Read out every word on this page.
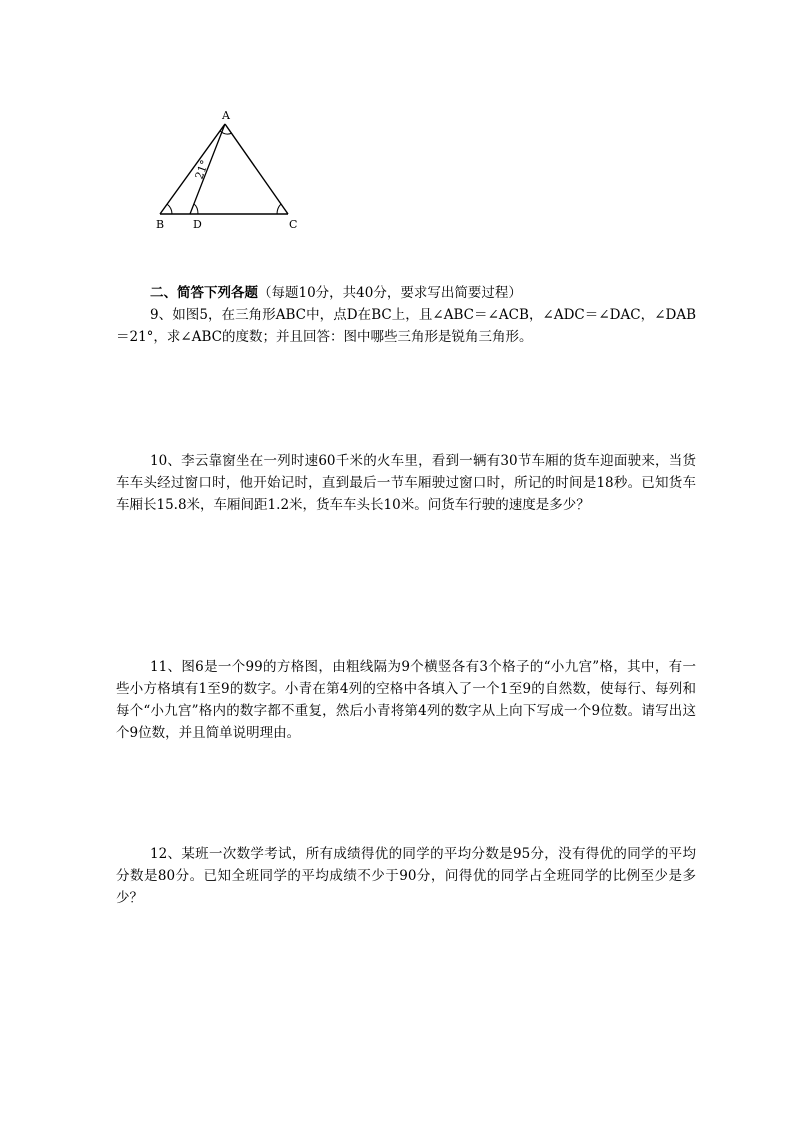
A
B	D	C
21°
二、简答下列各题（每题10分，共40分，要求写出简要过程）

9、如图5，在三角形ABC中，点D在BC上，且∠ABC＝∠ACB，∠ADC＝∠DAC，∠DAB＝21°，求∠ABC的度数；并且回答：图中哪些三角形是锐角三角形。

10、李云靠窗坐在一列时速60千米的火车里，看到一辆有30节车厢的货车迎面驶来，当货车车头经过窗口时，他开始记时，直到最后一节车厢驶过窗口时，所记的时间是18秒。已知货车车厢长15.8米，车厢间距1.2米，货车车头长10米。问货车行驶的速度是多少？

11、图6是一个99的方格图，由粗线隔为9个横竖各有3个格子的“小九宫”格，其中，有一些小方格填有1至9的数字。小青在第4列的空格中各填入了一个1至9的自然数，使每行、每列和每个“小九宫”格内的数字都不重复，然后小青将第4列的数字从上向下写成一个9位数。请写出这个9位数，并且简单说明理由。

12、某班一次数学考试，所有成绩得优的同学的平均分数是95分，没有得优的同学的平均分数是80分。已知全班同学的平均成绩不少于90分，问得优的同学占全班同学的比例至少是多少？
